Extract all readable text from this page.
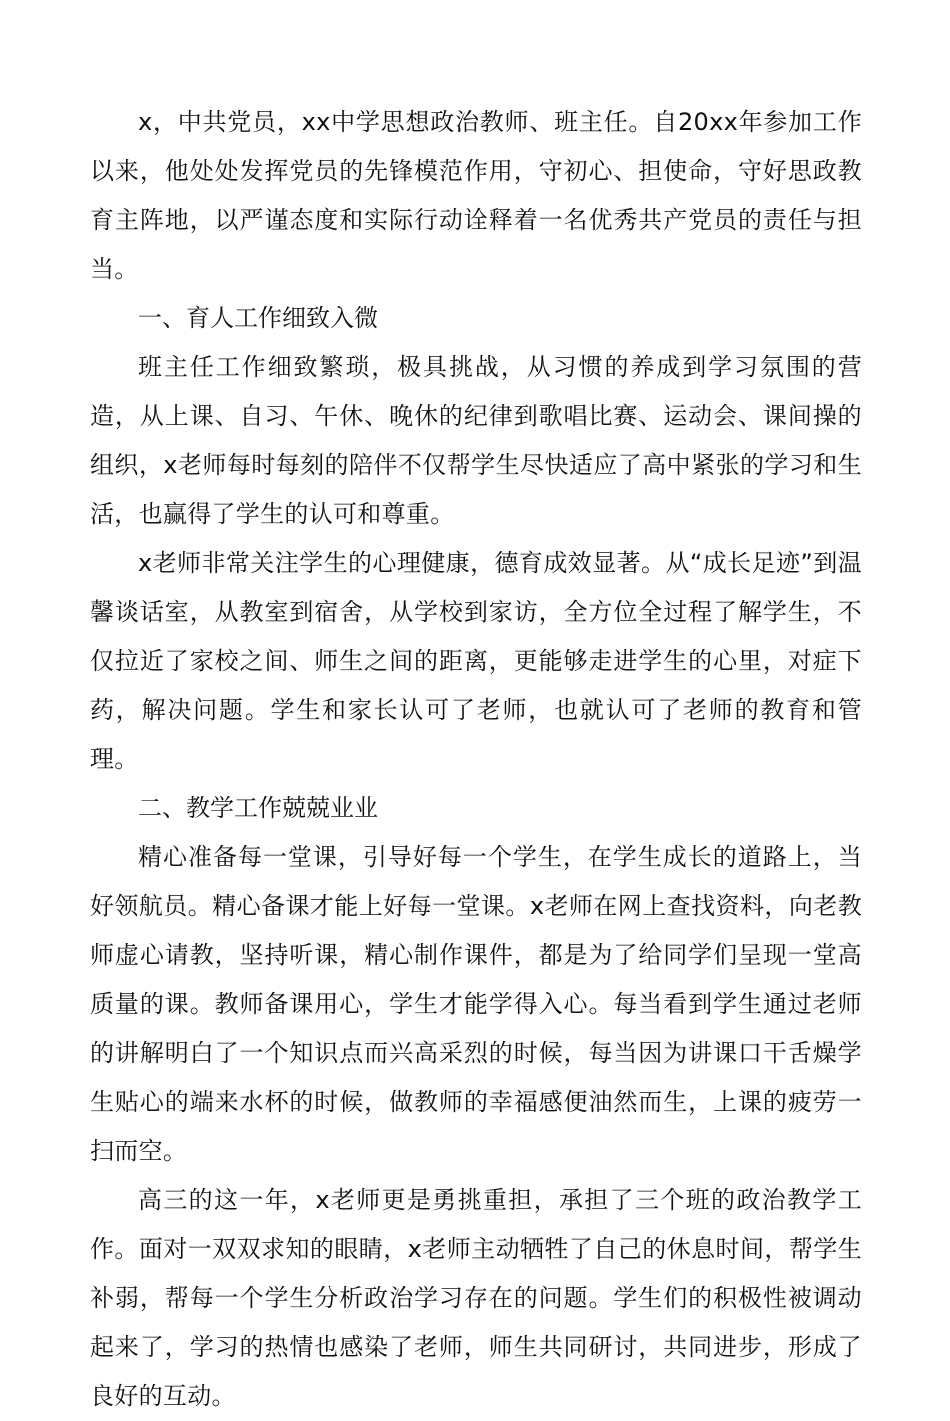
x，中共党员，xx中学思想政治教师、班主任。自20xx年参加工作以来，他处处发挥党员的先锋模范作用，守初心、担使命，守好思政教育主阵地，以严谨态度和实际行动诠释着一名优秀共产党员的责任与担当。

一、育人工作细致入微

班主任工作细致繁琐，极具挑战，从习惯的养成到学习氛围的营造，从上课、自习、午休、晚休的纪律到歌唱比赛、运动会、课间操的组织，x老师每时每刻的陪伴不仅帮学生尽快适应了高中紧张的学习和生活，也赢得了学生的认可和尊重。

x老师非常关注学生的心理健康，德育成效显著。从“成长足迹”到温馨谈话室，从教室到宿舍，从学校到家访，全方位全过程了解学生，不仅拉近了家校之间、师生之间的距离，更能够走进学生的心里，对症下药，解决问题。学生和家长认可了老师，也就认可了老师的教育和管理。

二、教学工作兢兢业业

精心准备每一堂课，引导好每一个学生，在学生成长的道路上，当好领航员。精心备课才能上好每一堂课。x老师在网上查找资料，向老教师虚心请教，坚持听课，精心制作课件，都是为了给同学们呈现一堂高质量的课。教师备课用心，学生才能学得入心。每当看到学生通过老师的讲解明白了一个知识点而兴高采烈的时候，每当因为讲课口干舌燥学生贴心的端来水杯的时候，做教师的幸福感便油然而生，上课的疲劳一扫而空。

高三的这一年，x老师更是勇挑重担，承担了三个班的政治教学工作。面对一双双求知的眼睛，x老师主动牺牲了自己的休息时间，帮学生补弱，帮每一个学生分析政治学习存在的问题。学生们的积极性被调动起来了，学习的热情也感染了老师，师生共同研讨，共同进步，形成了良好的互动。
